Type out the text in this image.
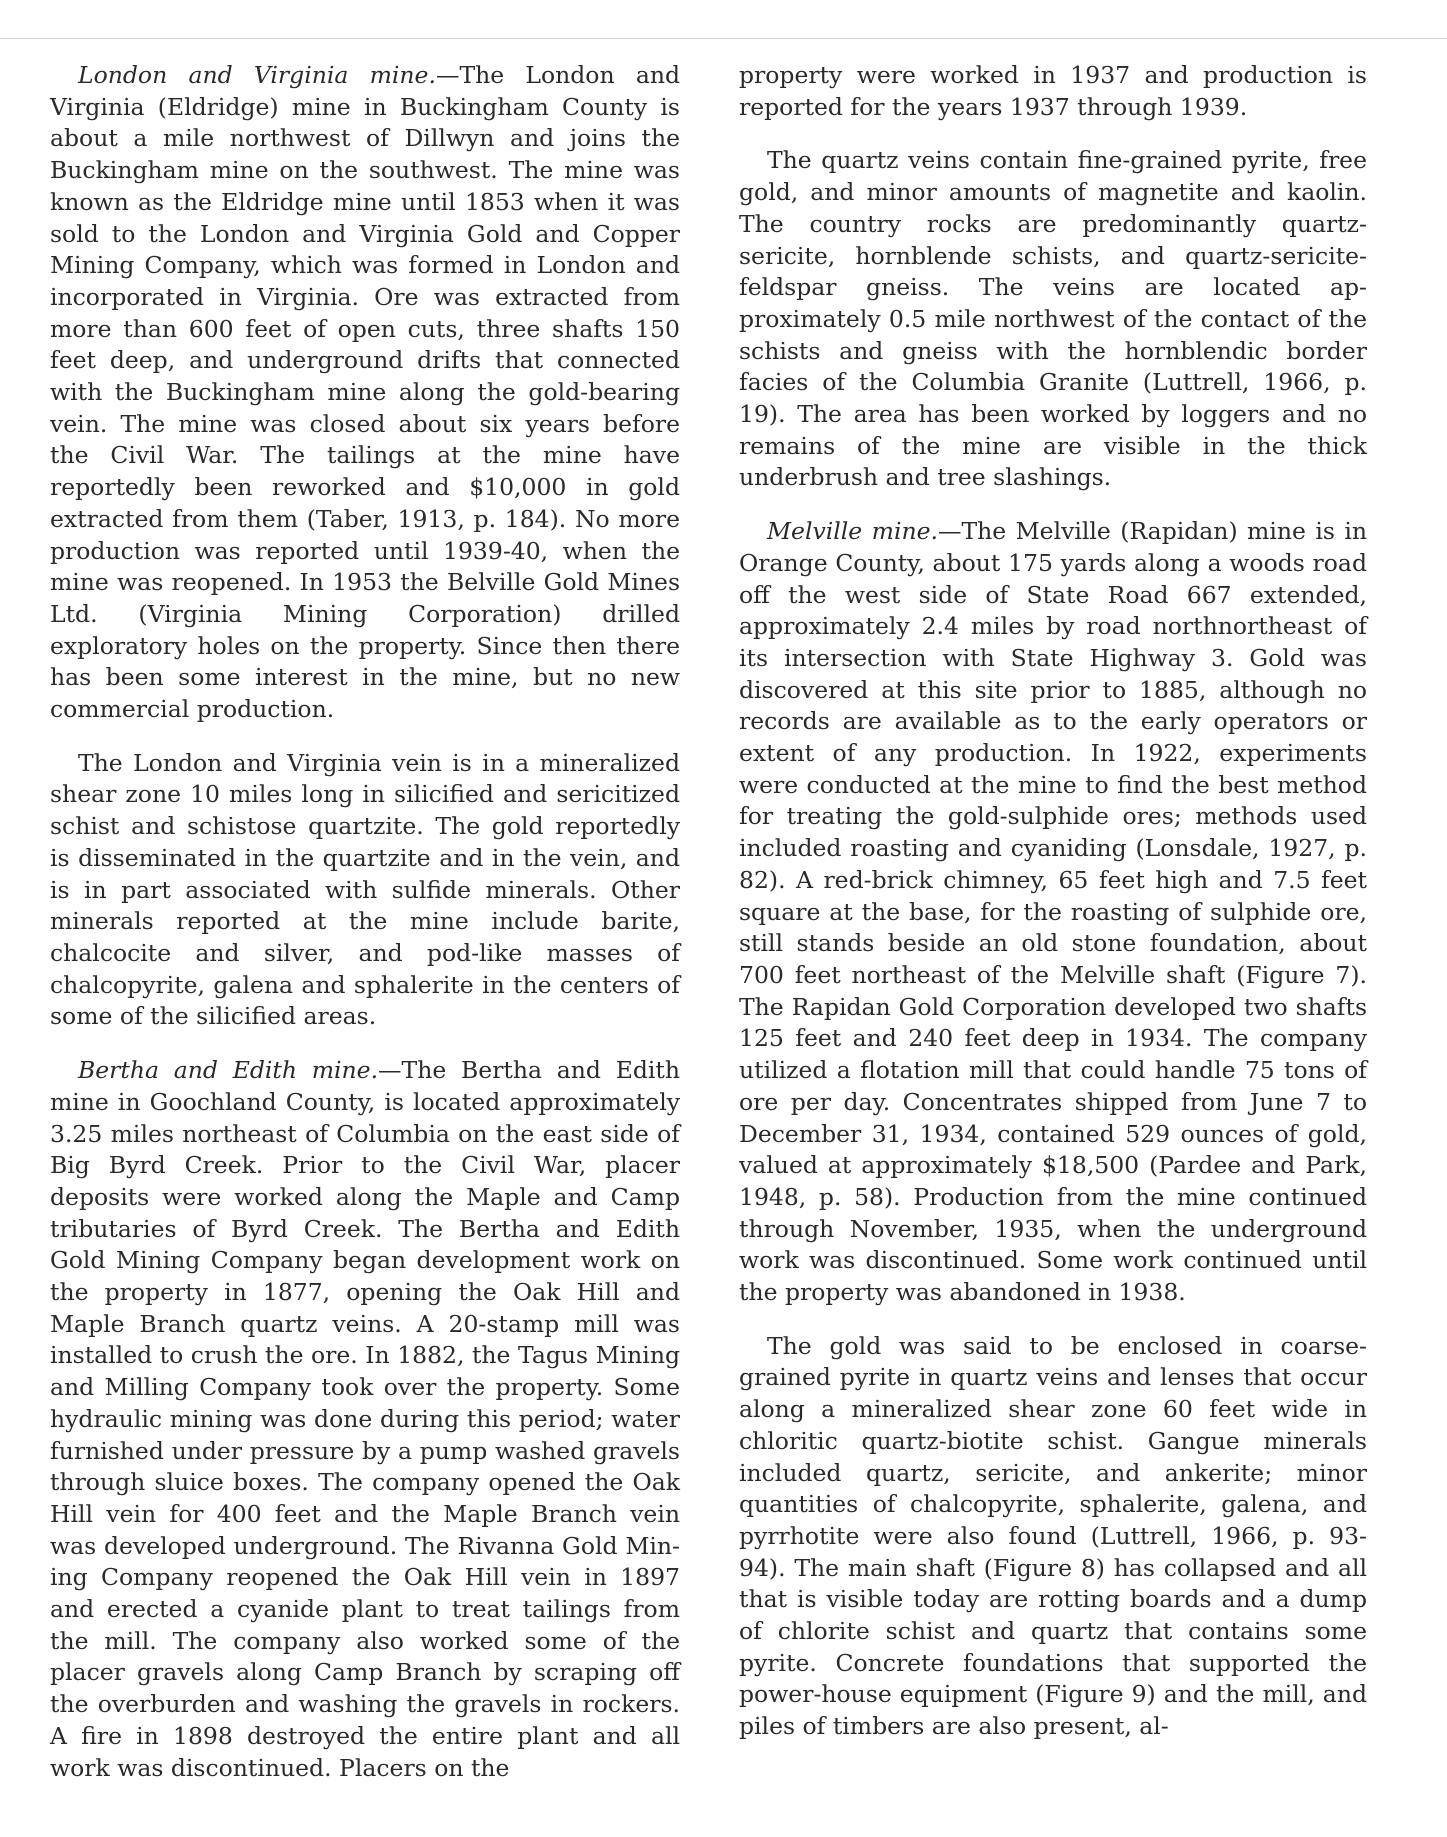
London and Virginia mine.—The London and Virginia (Eldridge) mine in Buckingham County is about a mile northwest of Dillwyn and joins the Buckingham mine on the southwest. The mine was known as the Eldridge mine until 1853 when it was sold to the London and Virginia Gold and Copper Mining Company, which was formed in London and incorporated in Virginia. Ore was extracted from more than 600 feet of open cuts, three shafts 150 feet deep, and underground drifts that connected with the Buckingham mine along the gold-bearing vein. The mine was closed about six years before the Civil War. The tailings at the mine have reportedly been reworked and $10,000 in gold extracted from them (Taber, 1913, p. 184). No more production was reported until 1939-40, when the mine was reopened. In 1953 the Belville Gold Mines Ltd. (Virginia Mining Corporation) drilled exploratory holes on the property. Since then there has been some interest in the mine, but no new commercial production.

The London and Virginia vein is in a mineralized shear zone 10 miles long in silicified and sericitized schist and schistose quartzite. The gold reportedly is disseminated in the quartzite and in the vein, and is in part associated with sulfide minerals. Other minerals reported at the mine include barite, chalcocite and silver, and pod-like masses of chalcopyrite, galena and sphalerite in the centers of some of the silicified areas.

Bertha and Edith mine.—The Bertha and Edith mine in Goochland County, is located approximately 3.25 miles northeast of Columbia on the east side of Big Byrd Creek. Prior to the Civil War, placer deposits were worked along the Maple and Camp tributaries of Byrd Creek. The Bertha and Edith Gold Mining Company began development work on the property in 1877, opening the Oak Hill and Maple Branch quartz veins. A 20-stamp mill was installed to crush the ore. In 1882, the Tagus Mining and Milling Company took over the property. Some hydraulic mining was done during this period; water furnished under pressure by a pump washed gravels through sluice boxes. The company opened the Oak Hill vein for 400 feet and the Maple Branch vein was developed underground. The Rivanna Gold Mining Company reopened the Oak Hill vein in 1897 and erected a cyanide plant to treat tailings from the mill. The company also worked some of the placer gravels along Camp Branch by scraping off the overburden and washing the gravels in rockers. A fire in 1898 destroyed the entire plant and all work was discontinued. Placers on the

property were worked in 1937 and production is reported for the years 1937 through 1939.

The quartz veins contain fine-grained pyrite, free gold, and minor amounts of magnetite and kaolin. The country rocks are predominantly quartz-sericite, hornblende schists, and quartz-sericite-feldspar gneiss. The veins are located approximately 0.5 mile northwest of the contact of the schists and gneiss with the hornblendic border facies of the Columbia Granite (Luttrell, 1966, p. 19). The area has been worked by loggers and no remains of the mine are visible in the thick underbrush and tree slashings.

Melville mine.—The Melville (Rapidan) mine is in Orange County, about 175 yards along a woods road off the west side of State Road 667 extended, approximately 2.4 miles by road northnortheast of its intersection with State Highway 3. Gold was discovered at this site prior to 1885, although no records are available as to the early operators or extent of any production. In 1922, experiments were conducted at the mine to find the best method for treating the gold-sulphide ores; methods used included roasting and cyaniding (Lonsdale, 1927, p. 82). A red-brick chimney, 65 feet high and 7.5 feet square at the base, for the roasting of sulphide ore, still stands beside an old stone foundation, about 700 feet northeast of the Melville shaft (Figure 7). The Rapidan Gold Corporation developed two shafts 125 feet and 240 feet deep in 1934. The company utilized a flotation mill that could handle 75 tons of ore per day. Concentrates shipped from June 7 to December 31, 1934, contained 529 ounces of gold, valued at approximately $18,500 (Pardee and Park, 1948, p. 58). Production from the mine continued through November, 1935, when the underground work was discontinued. Some work continued until the property was abandoned in 1938.

The gold was said to be enclosed in coarse-grained pyrite in quartz veins and lenses that occur along a mineralized shear zone 60 feet wide in chloritic quartz-biotite schist. Gangue minerals included quartz, sericite, and ankerite; minor quantities of chalcopyrite, sphalerite, galena, and pyrrhotite were also found (Luttrell, 1966, p. 93-94). The main shaft (Figure 8) has collapsed and all that is visible today are rotting boards and a dump of chlorite schist and quartz that contains some pyrite. Concrete foundations that supported the power-house equipment (Figure 9) and the mill, and piles of timbers are also present, al-
